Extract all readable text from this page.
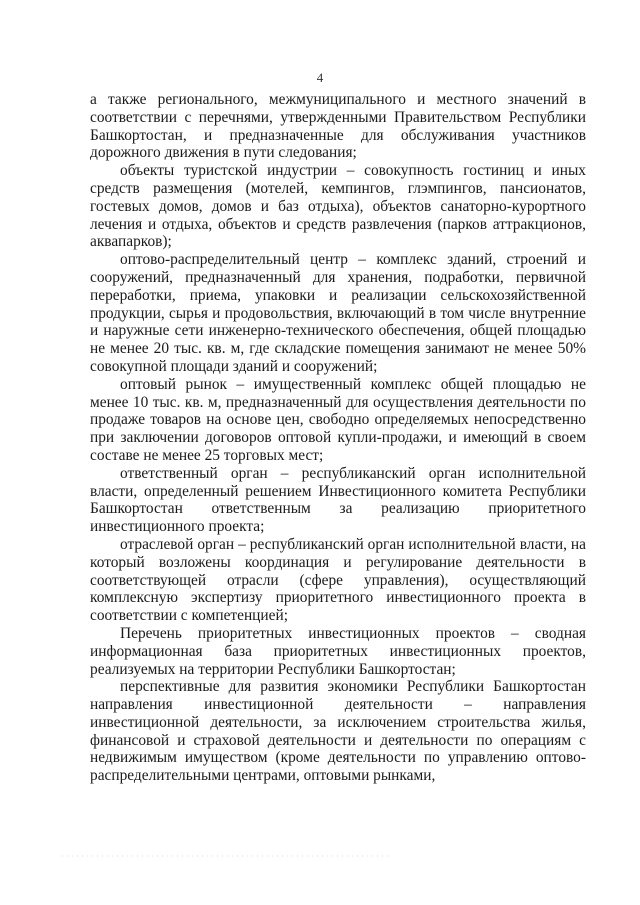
4

а также регионального, межмуниципального и местного значений в соответствии с перечнями, утвержденными Правительством Республики Башкортостан, и предназначенные для обслуживания участников дорожного движения в пути следования;

объекты туристской индустрии – совокупность гостиниц и иных средств размещения (мотелей, кемпингов, глэмпингов, пансионатов, гостевых домов, домов и баз отдыха), объектов санаторно-курортного лечения и отдыха, объектов и средств развлечения (парков аттракционов, аквапарков);

оптово-распределительный центр – комплекс зданий, строений и сооружений, предназначенный для хранения, подработки, первичной переработки, приема, упаковки и реализации сельскохозяйственной продукции, сырья и продовольствия, включающий в том числе внутренние и наружные сети инженерно-технического обеспечения, общей площадью не менее 20 тыс. кв. м, где складские помещения занимают не менее 50% совокупной площади зданий и сооружений;

оптовый рынок – имущественный комплекс общей площадью не менее 10 тыс. кв. м, предназначенный для осуществления деятельности по продаже товаров на основе цен, свободно определяемых непосредственно при заключении договоров оптовой купли-продажи, и имеющий в своем составе не менее 25 торговых мест;

ответственный орган – республиканский орган исполнительной власти, определенный решением Инвестиционного комитета Республики Башкортостан ответственным за реализацию приоритетного инвестиционного проекта;

отраслевой орган – республиканский орган исполнительной власти, на который возложены координация и регулирование деятельности в соответствующей отрасли (сфере управления), осуществляющий комплексную экспертизу приоритетного инвестиционного проекта в соответствии с компетенцией;

Перечень приоритетных инвестиционных проектов – сводная информационная база приоритетных инвестиционных проектов, реализуемых на территории Республики Башкортостан;

перспективные для развития экономики Республики Башкортостан направления инвестиционной деятельности – направления инвестиционной деятельности, за исключением строительства жилья, финансовой и страховой деятельности и деятельности по операциям с недвижимым имуществом (кроме деятельности по управлению оптово-распределительными центрами, оптовыми рынками,
